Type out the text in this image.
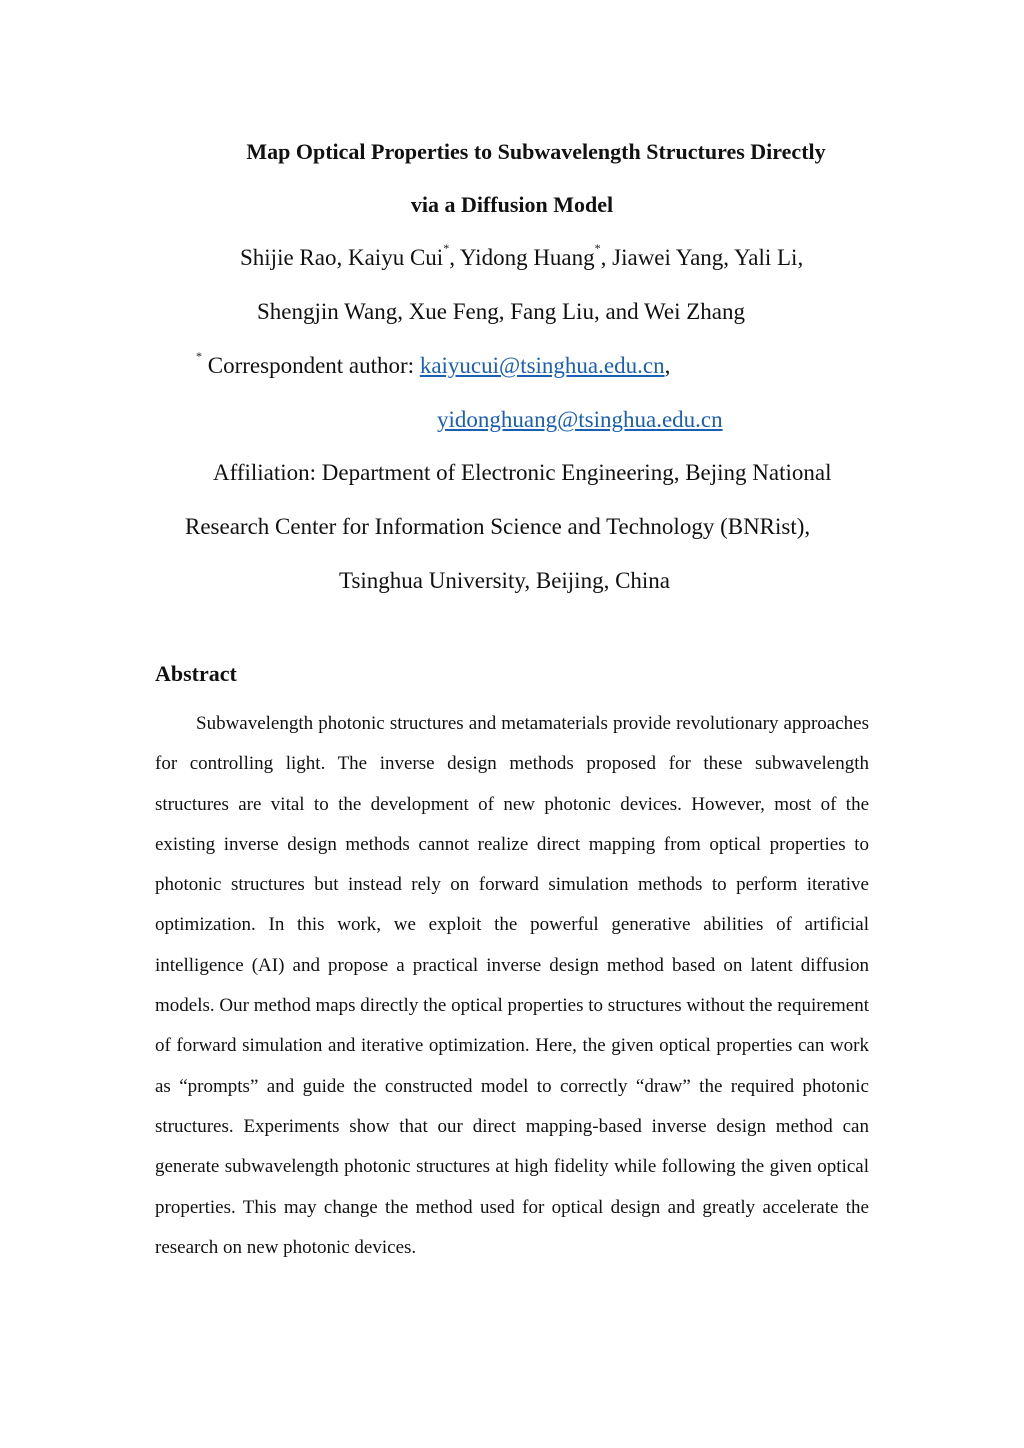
Map Optical Properties to Subwavelength Structures Directly
via a Diffusion Model
Shijie Rao, Kaiyu Cui*, Yidong Huang*, Jiawei Yang, Yali Li,
Shengjin Wang, Xue Feng, Fang Liu, and Wei Zhang
* Correspondent author: kaiyucui@tsinghua.edu.cn,
yidonghuang@tsinghua.edu.cn
Affiliation: Department of Electronic Engineering, Bejing National
Research Center for Information Science and Technology (BNRist),
Tsinghua University, Beijing, China
Abstract

Subwavelength photonic structures and metamaterials provide revolutionary approaches for controlling light. The inverse design methods proposed for these subwavelength structures are vital to the development of new photonic devices. However, most of the existing inverse design methods cannot realize direct mapping from optical properties to photonic structures but instead rely on forward simulation methods to perform iterative optimization. In this work, we exploit the powerful generative abilities of artificial intelligence (AI) and propose a practical inverse design method based on latent diffusion models. Our method maps directly the optical properties to structures without the requirement of forward simulation and iterative optimization. Here, the given optical properties can work as “prompts” and guide the constructed model to correctly “draw” the required photonic structures. Experiments show that our direct mapping-based inverse design method can generate subwavelength photonic structures at high fidelity while following the given optical properties. This may change the method used for optical design and greatly accelerate the research on new photonic devices.
